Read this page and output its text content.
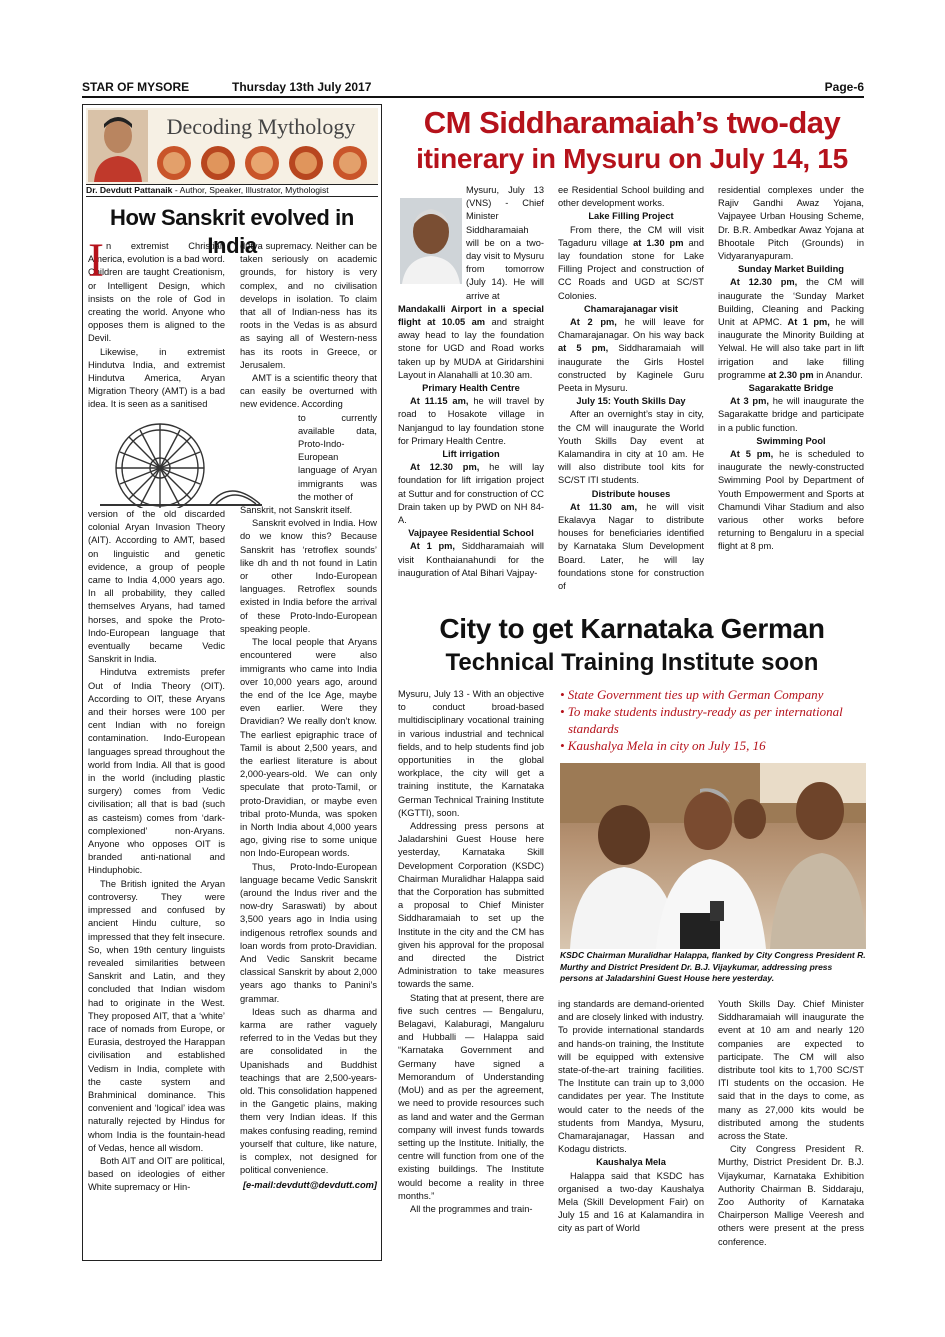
STAR OF MYSORE	Thursday 13th July 2017	Page-6
Decoding Mythology
Dr. Devdutt Pattanaik - Author, Speaker, Illustrator, Mythologist
How Sanskrit evolved in India
I n extremist Christian America, evolution is a bad word. Children are taught Creationism, or Intelligent Design, which insists on the role of God in creating the world. Anyone who opposes them is aligned to the Devil.

Likewise, in extremist Hindutva India, and extremist Hindutva America, Aryan Migration Theory (AMT) is a bad idea. It is seen as a sanitised

version of the old discarded colonial Aryan Invasion Theory (AIT). According to AMT, based on linguistic and genetic evidence, a group of people came to India 4,000 years ago. In all probability, they called themselves Aryans, had tamed horses, and spoke the Proto-Indo-European language that eventually became Vedic Sanskrit in India.

Hindutva extremists prefer Out of India Theory (OIT). According to OIT, these Aryans and their horses were 100 per cent Indian with no foreign contamination. Indo-European languages spread throughout the world from India. All that is good in the world (including plastic surgery) comes from Vedic civilisation; all that is bad (such as casteism) comes from ‘dark-complexioned’ non-Aryans. Anyone who opposes OIT is branded anti-national and Hinduphobic.

The British ignited the Aryan controversy. They were impressed and confused by ancient Hindu culture, so impressed that they felt insecure. So, when 19th century linguists revealed similarities between Sanskrit and Latin, and they concluded that Indian wisdom had to originate in the West. They proposed AIT, that a ‘white’ race of nomads from Europe, or Eurasia, destroyed the Harappan civilisation and established Vedism in India, complete with the caste system and Brahminical dominance. This convenient and ‘logical’ idea was naturally rejected by Hindus for whom India is the fountain-head of Vedas, hence all wisdom.

Both AIT and OIT are political, based on ideologies of either White supremacy or Hin-

dutva supremacy. Neither can be taken seriously on academic grounds, for history is very complex, and no civilisation develops in isolation. To claim that all of Indian-ness has its roots in the Vedas is as absurd as saying all of Western-ness has its roots in Greece, or Jerusalem.

AMT is a scientific theory that can easily be overturned with new evidence. According

to currently available data, Proto-Indo-European language of Aryan immigrants was the mother of

Sanskrit, not Sanskrit itself.

Sanskrit evolved in India. How do we know this? Because Sanskrit has ‘retroflex sounds’ like dh and th not found in Latin or other Indo-European languages. Retroflex sounds existed in India before the arrival of these Proto-Indo-European speaking people.

The local people that Aryans encountered were also immigrants who came into India over 10,000 years ago, around the end of the Ice Age, maybe even earlier. Were they Dravidian? We really don’t know. The earliest epigraphic trace of Tamil is about 2,500 years, and the earliest literature is about 2,000-years-old. We can only speculate that proto-Tamil, or proto-Dravidian, or maybe even tribal proto-Munda, was spoken in North India about 4,000 years ago, giving rise to some unique non Indo-European words.

Thus, Proto-Indo-European language became Vedic Sanskrit (around the Indus river and the now-dry Saraswati) by about 3,500 years ago in India using indigenous retroflex sounds and loan words from proto-Dravidian. And Vedic Sanskrit became classical Sanskrit by about 2,000 years ago thanks to Panini’s grammar.

Ideas such as dharma and karma are rather vaguely referred to in the Vedas but they are consolidated in the Upanishads and Buddhist teachings that are 2,500-years-old. This consolidation happened in the Gangetic plains, making them very Indian ideas. If this makes confusing reading, remind yourself that culture, like nature, is complex, not designed for political convenience.

[e-mail:devdutt@devdutt.com]
CM Siddharamaiah’s two-day
itinerary in Mysuru on July 14, 15
Mysuru, July 13 (VNS) - Chief Minister Siddharamaiah will be on a two-day visit to Mysuru from tomorrow (July 14). He will arrive at
Mandakalli Airport in a special flight at 10.05 am and straight away head to lay the foundation stone for UGD and Road works taken up by MUDA at Giridarshini Layout in Alanahalli at 10.30 am.
Primary Health Centre
At 11.15 am, he will travel by road to Hosakote village in Nanjangud to lay foundation stone for Primary Health Centre.
Lift irrigation
At 12.30 pm, he will lay foundation for lift irrigation project at Suttur and for construction of CC Drain taken up by PWD on NH 84-A.
Vajpayee Residential School
At 1 pm, Siddharamaiah will visit Konthaianahundi for the inauguration of Atal Bihari Vajpay-
ee Residential School building and other development works.
Lake Filling Project
From there, the CM will visit Tagaduru village at 1.30 pm and lay foundation stone for Lake Filling Project and construction of CC Roads and UGD at SC/ST Colonies.
Chamarajanagar visit
At 2 pm, he will leave for Chamarajanagar. On his way back at 5 pm, Siddharamaiah will inaugurate the Girls Hostel constructed by Kaginele Guru Peeta in Mysuru.
July 15: Youth Skills Day
After an overnight’s stay in city, the CM will inaugurate the World Youth Skills Day event at Kalamandira in city at 10 am. He will also distribute tool kits for SC/ST ITI students.
Distribute houses
At 11.30 am, he will visit Ekalavya Nagar to distribute houses for beneficiaries identified by Karnataka Slum Development Board. Later, he will lay foundations stone for construction of
residential complexes under the Rajiv Gandhi Awaz Yojana, Vajpayee Urban Housing Scheme, Dr. B.R. Ambedkar Awaz Yojana at Bhootale Pitch (Grounds) in Vidyaranyapuram.
Sunday Market Building
At 12.30 pm, the CM will inaugurate the ‘Sunday Market Building, Cleaning and Packing Unit at APMC. At 1 pm, he will inaugurate the Minority Building at Yelwal. He will also take part in lift irrigation and lake filling programme at 2.30 pm in Anandur.
Sagarakatte Bridge
At 3 pm, he will inaugurate the Sagarakatte bridge and participate in a public function.
Swimming Pool
At 5 pm, he is scheduled to inaugurate the newly-constructed Swimming Pool by Department of Youth Empowerment and Sports at Chamundi Vihar Stadium and also various other works before returning to Bengaluru in a special flight at 8 pm.
City to get Karnataka German
Technical Training Institute soon
• State Government ties up with German Company
• To make students industry-ready as per international standards
• Kaushalya Mela in city on July 15, 16
KSDC Chairman Muralidhar Halappa, flanked by City Congress President R. Murthy and District President Dr. B.J. Vijaykumar, addressing press persons at Jaladarshini Guest House here yesterday.

Mysuru, July 13 - With an objective to conduct broad-based multidisciplinary vocational training in various industrial and technical fields, and to help students find job opportunities in the global workplace, the city will get a training institute, the Karnataka German Technical Training Institute (KGTTI), soon.

Addressing press persons at Jaladarshini Guest House here yesterday, Karnataka Skill Development Corporation (KSDC) Chairman Muralidhar Halappa said that the Corporation has submitted a proposal to Chief Minister Siddharamaiah to set up the Institute in the city and the CM has given his approval for the proposal and directed the District Administration to take measures towards the same.

Stating that at present, there are five such centres — Bengaluru, Belagavi, Kalaburagi, Mangaluru and Hubballi — Halappa said “Karnataka Government and Germany have signed a Memorandum of Understanding (MoU) and as per the agreement, we need to provide resources such as land and water and the German company will invest funds towards setting up the Institute. Initially, the centre will function from one of the existing buildings. The Institute would become a reality in three months.”

All the programmes and train-

ing standards are demand-oriented and are closely linked with industry. To provide international standards and hands-on training, the Institute will be equipped with extensive state-of-the-art training facilities. The Institute can train up to 3,000 candidates per year. The Institute would cater to the needs of the students from Mandya, Mysuru, Chamarajanagar, Hassan and Kodagu districts.

Kaushalya Mela

Halappa said that KSDC has organised a two-day Kaushalya Mela (Skill Development Fair) on July 15 and 16 at Kalamandira in city as part of World

Youth Skills Day. Chief Minister Siddharamaiah will inaugurate the event at 10 am and nearly 120 companies are expected to participate. The CM will also distribute tool kits to 1,700 SC/ST ITI students on the occasion. He said that in the days to come, as many as 27,000 kits would be distributed among the students across the State.

City Congress President R. Murthy, District President Dr. B.J. Vijaykumar, Karnataka Exhibition Authority Chairman B. Siddaraju, Zoo Authority of Karnataka Chairperson Mallige Veeresh and others were present at the press conference.
